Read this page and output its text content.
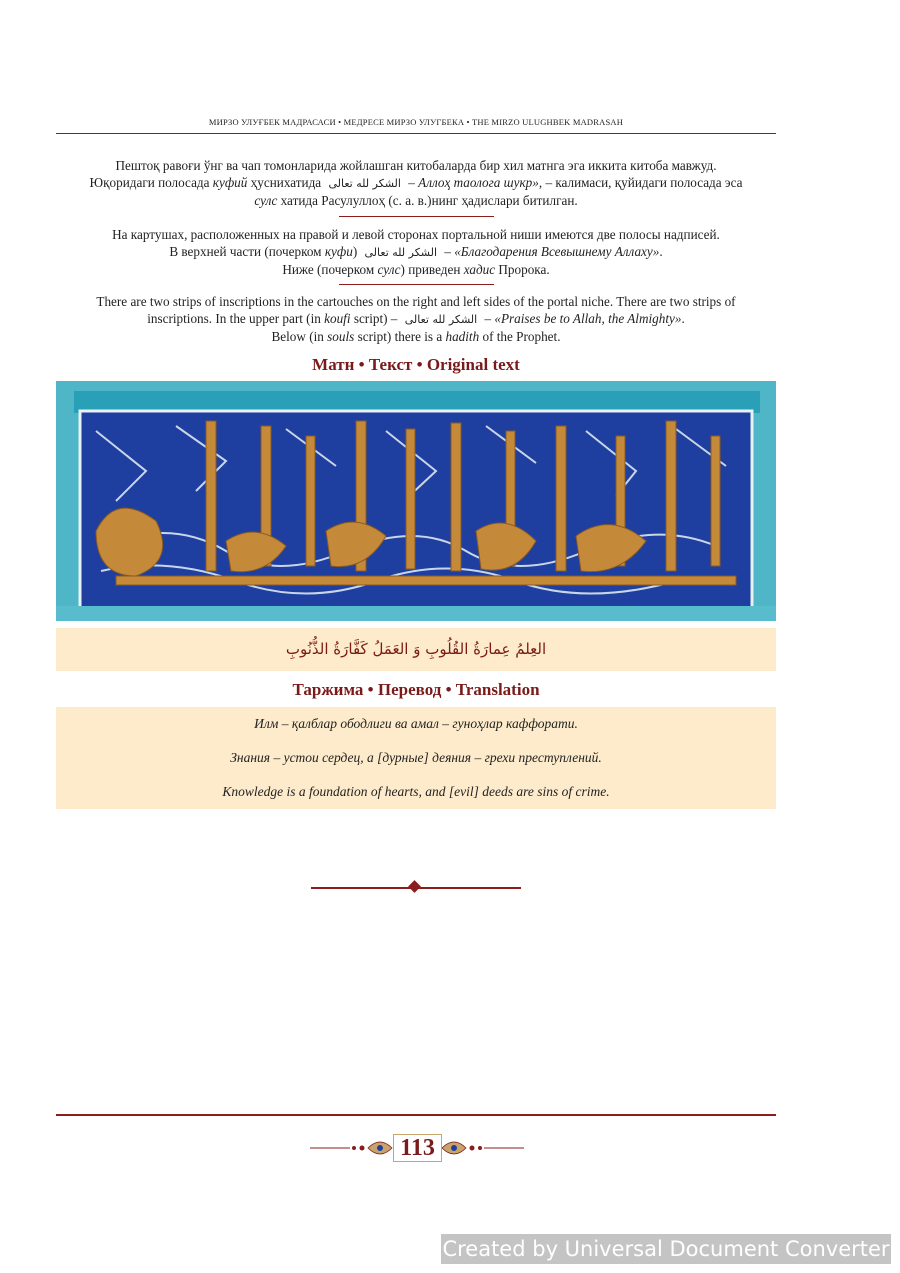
МИРЗО УЛУҒБЕК МАДРАСАСИ • МЕДРЕСЕ МИРЗО УЛУГБЕКА • THE MIRZO ULUGHBEK MADRASAH

Пештоқ равоғи ўнг ва чап томонларида жойлашган китобаларда бир хил матнга эга иккита китоба мавжуд.

Юқоридаги полосада куфий ҳуснихатида الشكر لله تعالى – Аллоҳ таолога шукр», – калимаси, қуйидаги полосада эса

сулс хатида Расулуллоҳ (с. а. в.)нинг ҳадислари битилган.

На картушах, расположенных на правой и левой сторонах портальной ниши имеются две полосы надписей.

В верхней части (почерком куфи) الشكر لله تعالى – «Благодарения Всевышнему Аллаху».

Ниже (почерком сулс) приведен хадис Пророка.

There are two strips of inscriptions in the cartouches on the right and left sides of the portal niche. There are two strips of

inscriptions. In the upper part (in koufi script) – الشكر لله تعالى – «Praises be to Allah, the Almighty».

Below (in souls script) there is a hadith of the Prophet.

Матн • Текст • Original text
العِلمُ عِمارَةُ القُلُوبِ وَ العَمَلُ كَفَّارَةُ الذُّنُوبِ
Таржима • Перевод • Translation
Илм – қалблар ободлиги ва амал – гуноҳлар каффорати.
Знания – устои сердец, а [дурные] деяния – грехи преступлений.
Knowledge is a foundation of hearts, and [evil] deeds are sins of crime.
113
Created by Universal Document Converter
